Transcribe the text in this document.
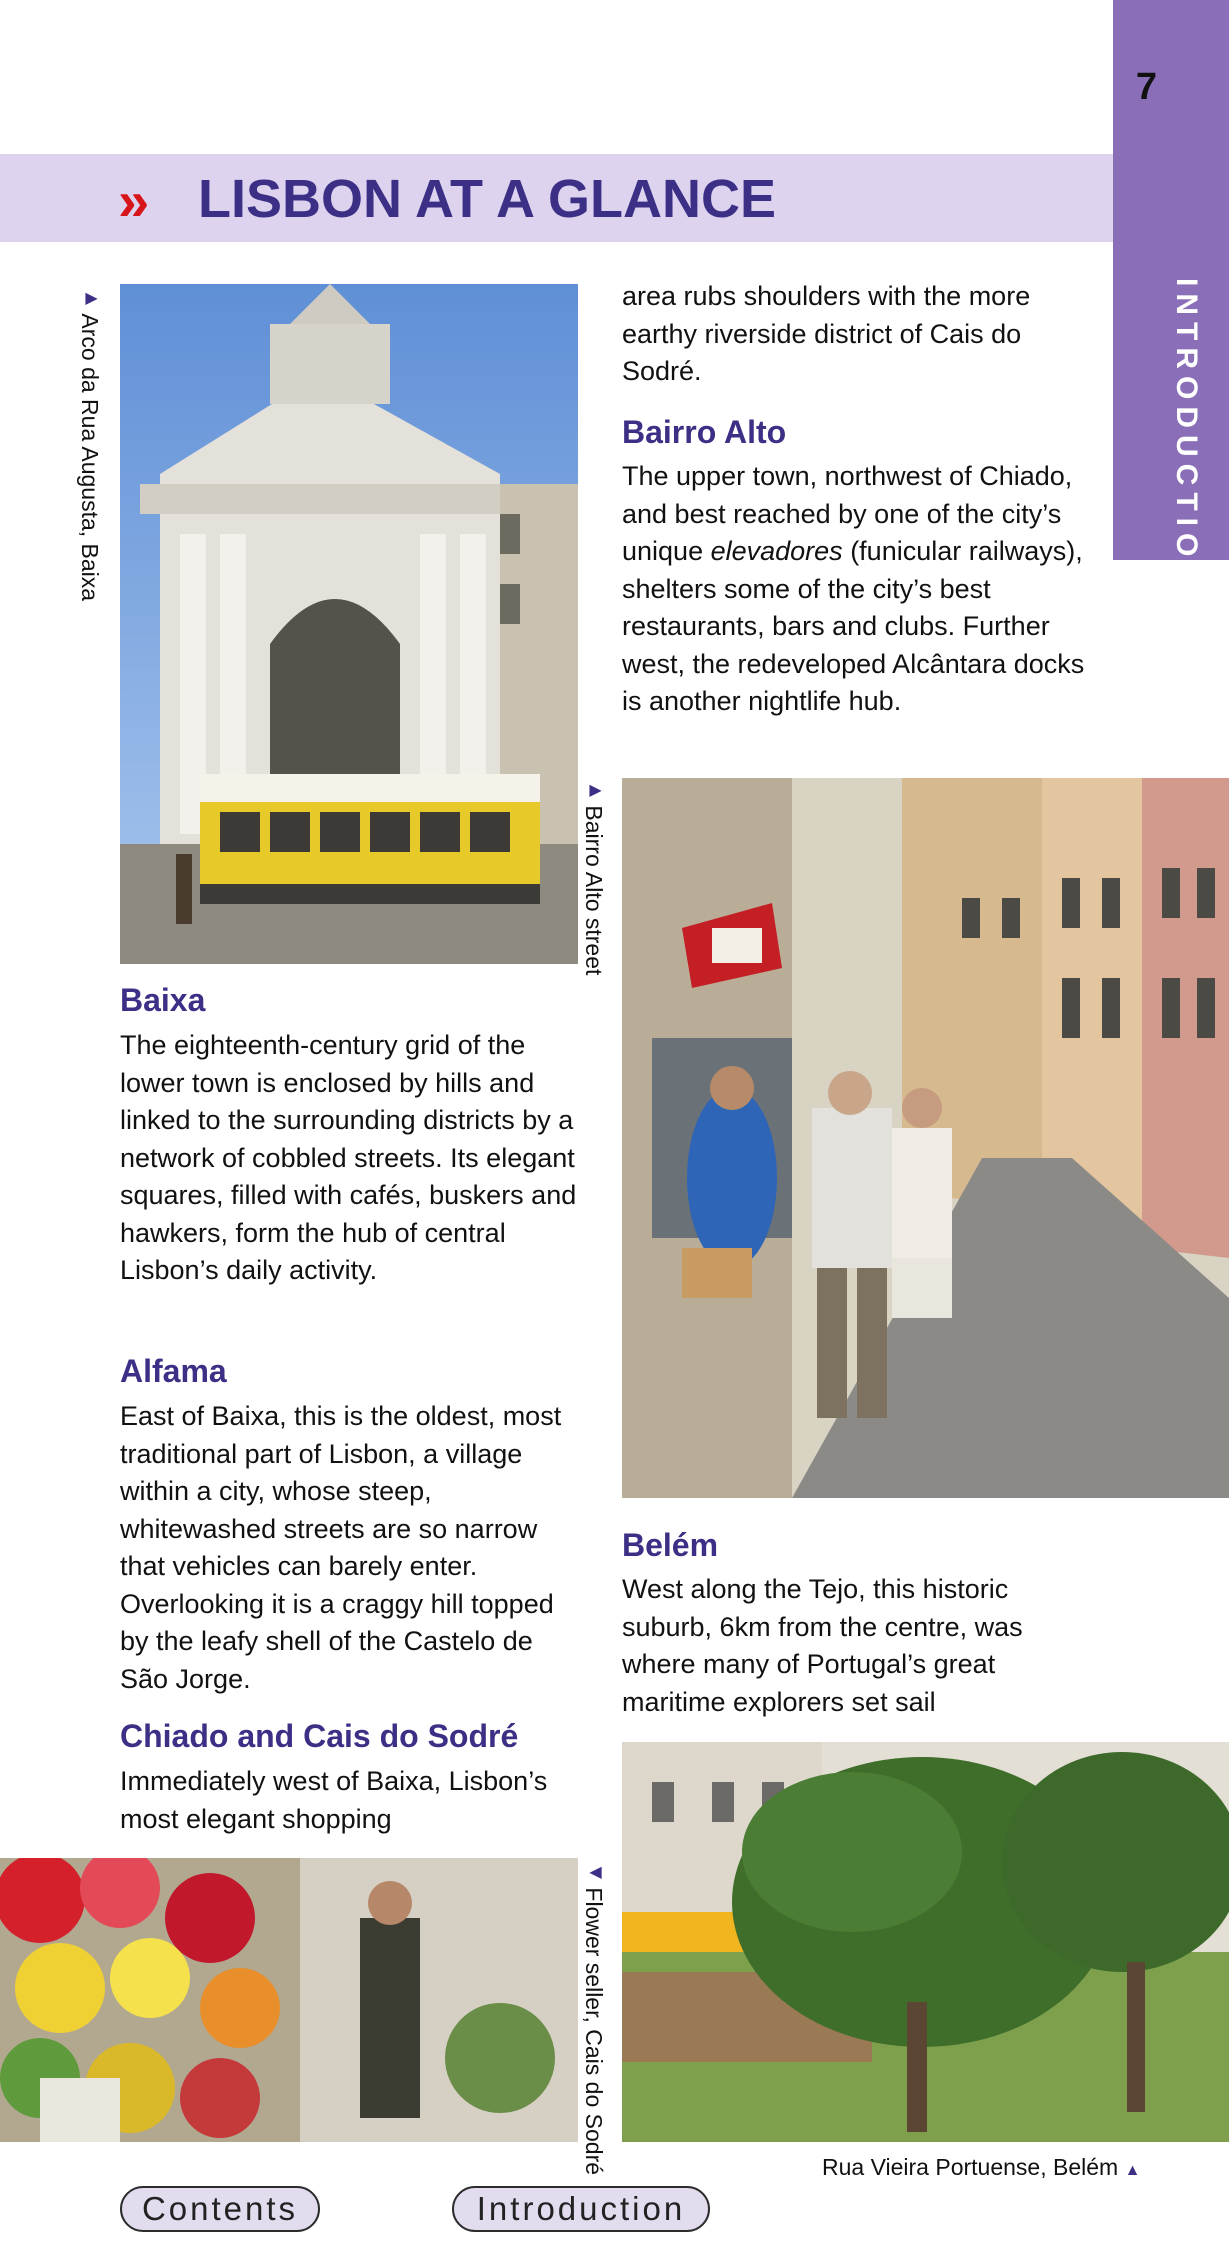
INTRODUCTION
7
›› LISBON AT A GLANCE
▶ Arco da Rua Augusta, Baixa
Baixa
The eighteenth-century grid of the lower town is enclosed by hills and linked to the surrounding districts by a network of cobbled streets. Its elegant squares, filled with cafés, buskers and hawkers, form the hub of central Lisbon’s daily activity.
Alfama
East of Baixa, this is the oldest, most traditional part of Lisbon, a village within a city, whose steep, whitewashed streets are so narrow that vehicles can barely enter. Overlooking it is a craggy hill topped by the leafy shell of the Castelo de São Jorge.
Chiado and Cais do Sodré
Immediately west of Baixa, Lisbon’s most elegant shopping
area rubs shoulders with the more earthy riverside district of Cais do Sodré.
Bairro Alto
The upper town, northwest of Chiado, and best reached by one of the city’s unique elevadores (funicular railways), shelters some of the city’s best restaurants, bars and clubs. Further west, the redeveloped Alcântara docks is another nightlife hub.
▶ Bairro Alto street
Belém
West along the Tejo, this historic suburb, 6km from the centre, was where many of Portugal’s great maritime explorers set sail
◀ Flower seller, Cais do Sodré	Rua Vieira Portuense, Belém ▲
Contents	Introduction
